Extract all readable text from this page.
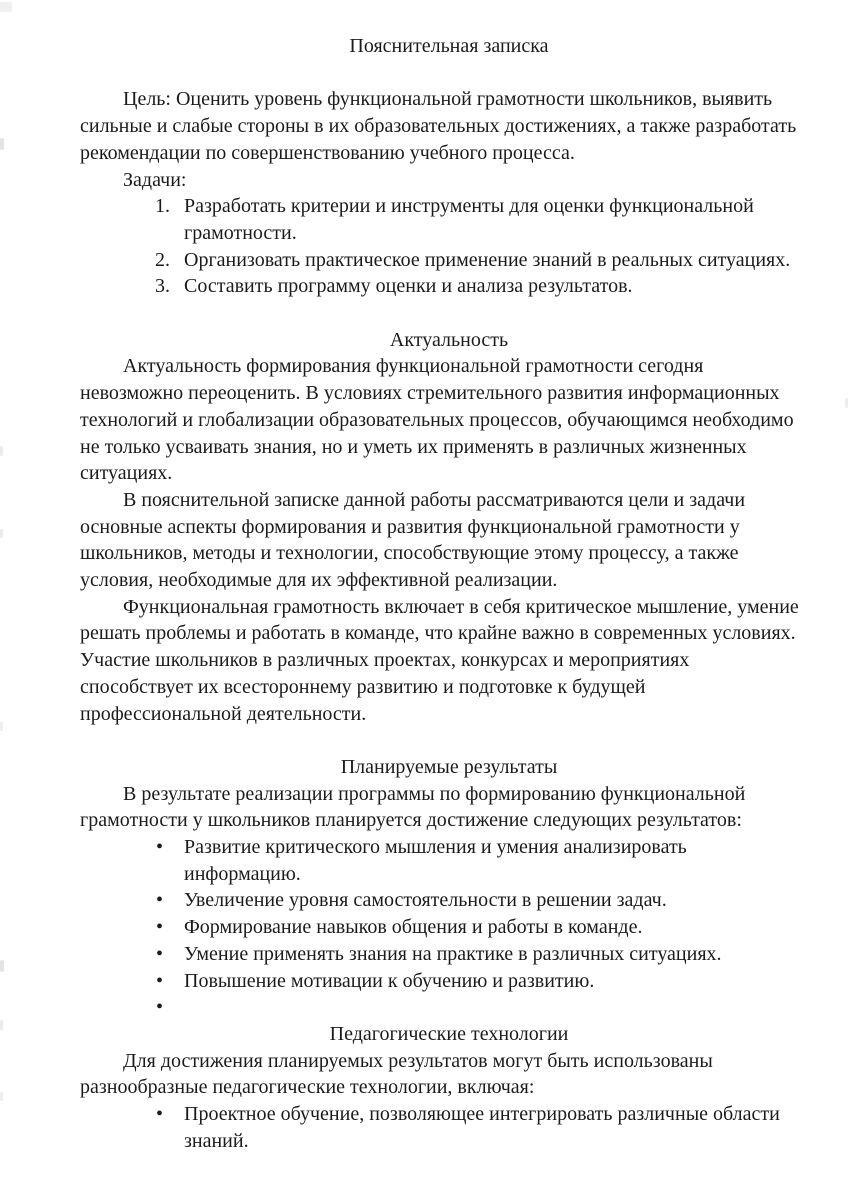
Пояснительная записка
Цель: Оценить уровень функциональной грамотности школьников, выявить
сильные и слабые стороны в их образовательных достижениях, а также разработать
рекомендации по совершенствованию учебного процесса.
Задачи:
1. Разработать критерии и инструменты для оценки функциональной
грамотности.
2. Организовать практическое применение знаний в реальных ситуациях.
3. Составить программу оценки и анализа результатов.
Актуальность
Актуальность формирования функциональной грамотности сегодня
невозможно переоценить. В условиях стремительного развития информационных
технологий и глобализации образовательных процессов, обучающимся необходимо
не только усваивать знания, но и уметь их применять в различных жизненных
ситуациях.
В пояснительной записке данной работы рассматриваются цели и задачи
основные аспекты формирования и развития функциональной грамотности у
школьников, методы и технологии, способствующие этому процессу, а также
условия, необходимые для их эффективной реализации.
Функциональная грамотность включает в себя критическое мышление, умение
решать проблемы и работать в команде, что крайне важно в современных условиях.
Участие школьников в различных проектах, конкурсах и мероприятиях
способствует их всестороннему развитию и подготовке к будущей
профессиональной деятельности.
Планируемые результаты
В результате реализации программы по формированию функциональной
грамотности у школьников планируется достижение следующих результатов:
• Развитие критического мышления и умения анализировать
информацию.
• Увеличение уровня самостоятельности в решении задач.
• Формирование навыков общения и работы в команде.
• Умение применять знания на практике в различных ситуациях.
• Повышение мотивации к обучению и развитию.
•
Педагогические технологии
Для достижения планируемых результатов могут быть использованы
разнообразные педагогические технологии, включая:
• Проектное обучение, позволяющее интегрировать различные области
знаний.
